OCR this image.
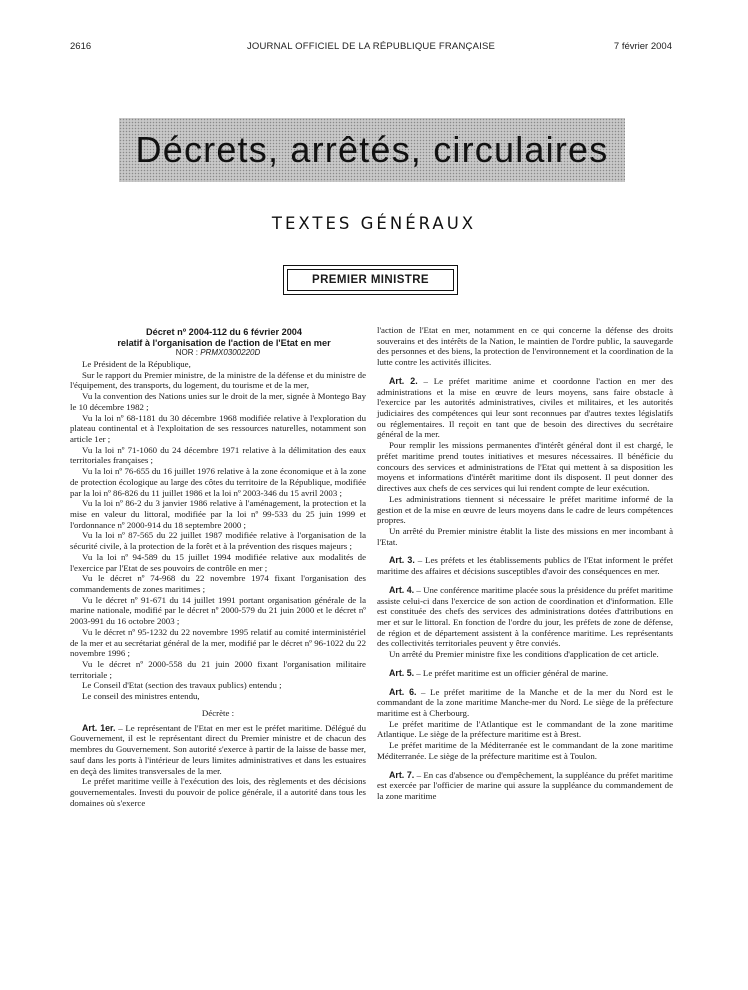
2616	JOURNAL OFFICIEL DE LA RÉPUBLIQUE FRANÇAISE	7 février 2004
Décrets, arrêtés, circulaires
TEXTES GÉNÉRAUX
PREMIER MINISTRE

Décret nº 2004-112 du 6 février 2004

relatif à l'organisation de l'action de l'Etat en mer

NOR : PRMX0300220D

Le Président de la République,

Sur le rapport du Premier ministre, de la ministre de la défense et du ministre de l'équipement, des transports, du logement, du tourisme et de la mer,

Vu la convention des Nations unies sur le droit de la mer, signée à Montego Bay le 10 décembre 1982 ;

Vu la loi nº 68-1181 du 30 décembre 1968 modifiée relative à l'exploration du plateau continental et à l'exploitation de ses ressources naturelles, notamment son article 1er ;

Vu la loi nº 71-1060 du 24 décembre 1971 relative à la délimitation des eaux territoriales françaises ;

Vu la loi nº 76-655 du 16 juillet 1976 relative à la zone économique et à la zone de protection écologique au large des côtes du territoire de la République, modifiée par la loi nº 86-826 du 11 juillet 1986 et la loi nº 2003-346 du 15 avril 2003 ;

Vu la loi nº 86-2 du 3 janvier 1986 relative à l'aménagement, la protection et la mise en valeur du littoral, modifiée par la loi nº 99-533 du 25 juin 1999 et l'ordonnance nº 2000-914 du 18 septembre 2000 ;

Vu la loi nº 87-565 du 22 juillet 1987 modifiée relative à l'organisation de la sécurité civile, à la protection de la forêt et à la prévention des risques majeurs ;

Vu la loi nº 94-589 du 15 juillet 1994 modifiée relative aux modalités de l'exercice par l'Etat de ses pouvoirs de contrôle en mer ;

Vu le décret nº 74-968 du 22 novembre 1974 fixant l'organisation des commandements de zones maritimes ;

Vu le décret nº 91-671 du 14 juillet 1991 portant organisation générale de la marine nationale, modifié par le décret nº 2000-579 du 21 juin 2000 et le décret nº 2003-991 du 16 octobre 2003 ;

Vu le décret nº 95-1232 du 22 novembre 1995 relatif au comité interministériel de la mer et au secrétariat général de la mer, modifié par le décret nº 96-1022 du 22 novembre 1996 ;

Vu le décret nº 2000-558 du 21 juin 2000 fixant l'organisation militaire territoriale ;

Le Conseil d'Etat (section des travaux publics) entendu ;

Le conseil des ministres entendu,

Décrète :

Art. 1er. – Le représentant de l'Etat en mer est le préfet maritime. Délégué du Gouvernement, il est le représentant direct du Premier ministre et de chacun des membres du Gouvernement. Son autorité s'exerce à partir de la laisse de basse mer, sauf dans les ports à l'intérieur de leurs limites administratives et dans les estuaires en deçà des limites transversales de la mer.

Le préfet maritime veille à l'exécution des lois, des règlements et des décisions gouvernementales. Investi du pouvoir de police générale, il a autorité dans tous les domaines où s'exerce

l'action de l'Etat en mer, notamment en ce qui concerne la défense des droits souverains et des intérêts de la Nation, le maintien de l'ordre public, la sauvegarde des personnes et des biens, la protection de l'environnement et la coordination de la lutte contre les activités illicites.

Art. 2. – Le préfet maritime anime et coordonne l'action en mer des administrations et la mise en œuvre de leurs moyens, sans faire obstacle à l'exercice par les autorités administratives, civiles et militaires, et les autorités judiciaires des compétences qui leur sont reconnues par d'autres textes législatifs ou réglementaires. Il reçoit en tant que de besoin des directives du secrétaire général de la mer.

Pour remplir les missions permanentes d'intérêt général dont il est chargé, le préfet maritime prend toutes initiatives et mesures nécessaires. Il bénéficie du concours des services et administrations de l'Etat qui mettent à sa disposition les moyens et informations d'intérêt maritime dont ils disposent. Il peut donner des directives aux chefs de ces services qui lui rendent compte de leur exécution.

Les administrations tiennent si nécessaire le préfet maritime informé de la gestion et de la mise en œuvre de leurs moyens dans le cadre de leurs compétences propres.

Un arrêté du Premier ministre établit la liste des missions en mer incombant à l'Etat.

Art. 3. – Les préfets et les établissements publics de l'Etat informent le préfet maritime des affaires et décisions susceptibles d'avoir des conséquences en mer.

Art. 4. – Une conférence maritime placée sous la présidence du préfet maritime assiste celui-ci dans l'exercice de son action de coordination et d'information. Elle est constituée des chefs des services des administrations dotées d'attributions en mer et sur le littoral. En fonction de l'ordre du jour, les préfets de zone de défense, de région et de département assistent à la conférence maritime. Les représentants des collectivités territoriales peuvent y être conviés.

Un arrêté du Premier ministre fixe les conditions d'application de cet article.

Art. 5. – Le préfet maritime est un officier général de marine.

Art. 6. – Le préfet maritime de la Manche et de la mer du Nord est le commandant de la zone maritime Manche-mer du Nord. Le siège de la préfecture maritime est à Cherbourg.

Le préfet maritime de l'Atlantique est le commandant de la zone maritime Atlantique. Le siège de la préfecture maritime est à Brest.

Le préfet maritime de la Méditerranée est le commandant de la zone maritime Méditerranée. Le siège de la préfecture maritime est à Toulon.

Art. 7. – En cas d'absence ou d'empêchement, la suppléance du préfet maritime est exercée par l'officier de marine qui assure la suppléance du commandement de la zone maritime
